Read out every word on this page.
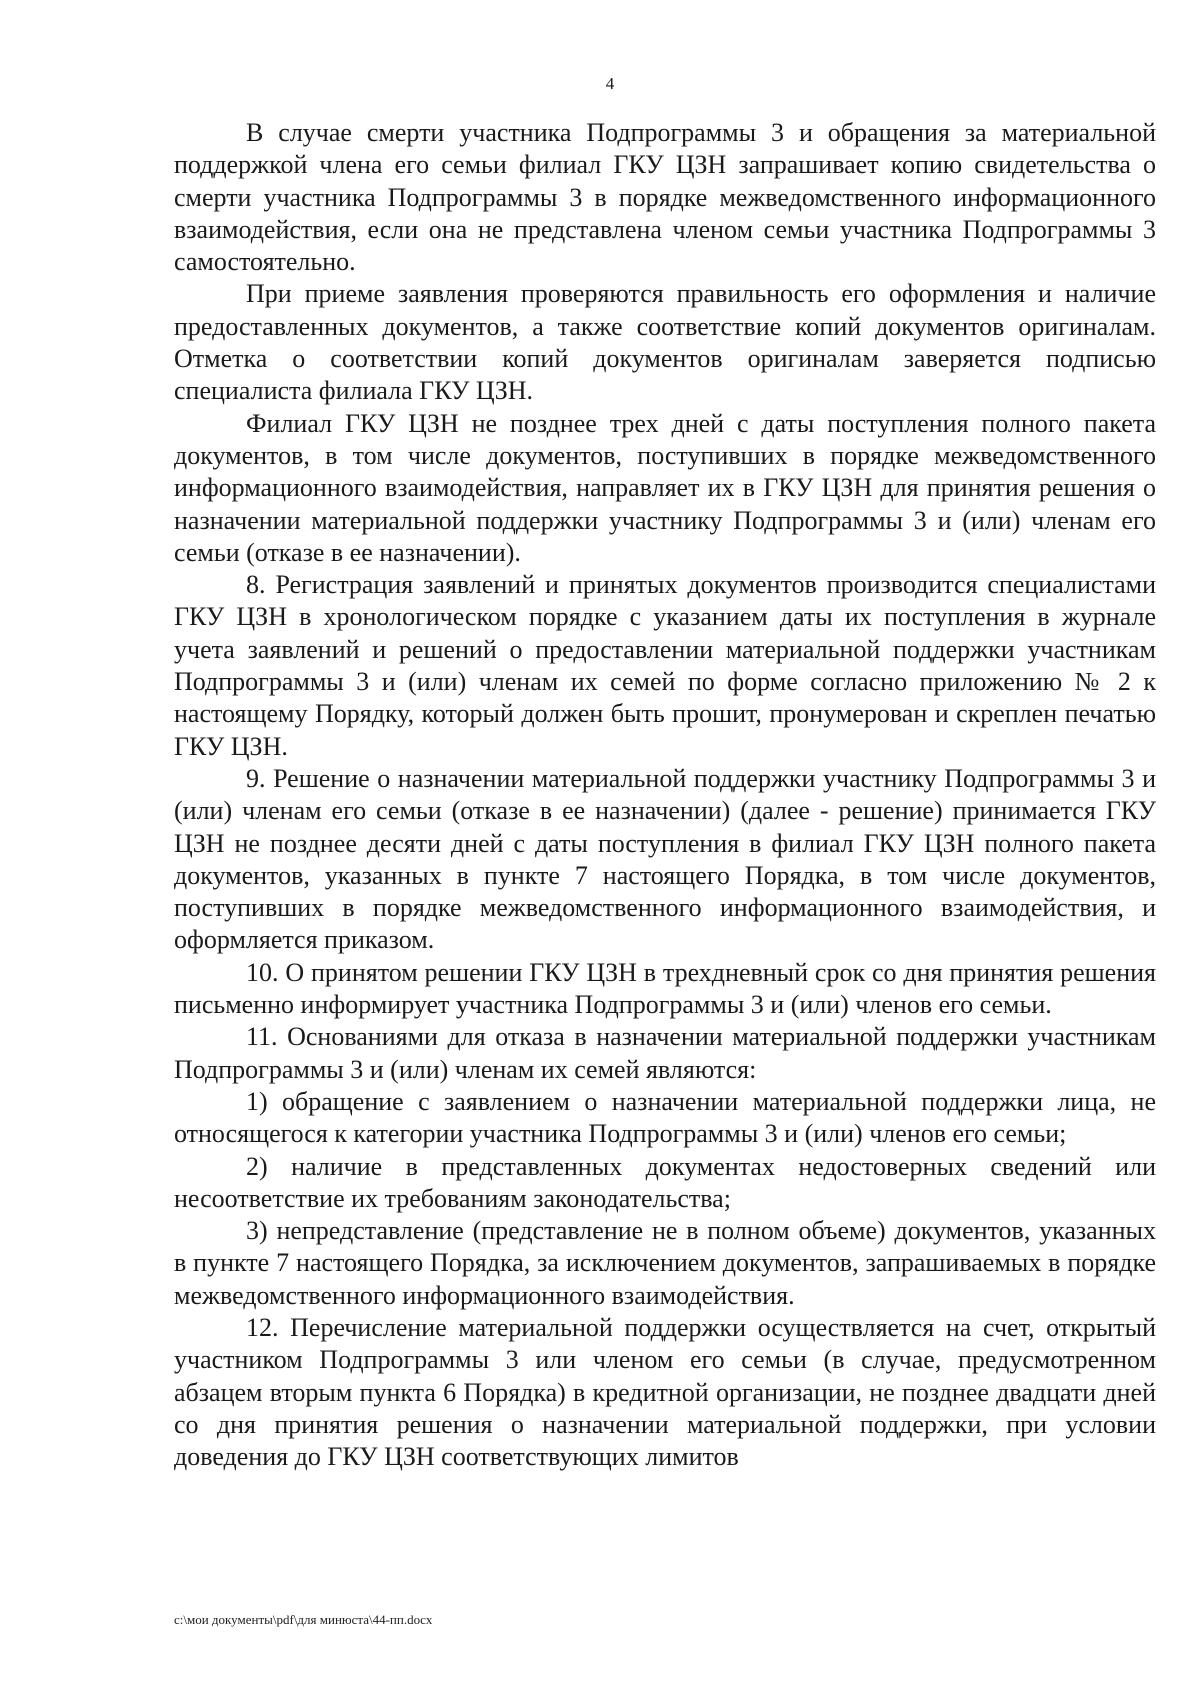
4

В случае смерти участника Подпрограммы 3 и обращения за материальной поддержкой члена его семьи филиал ГКУ ЦЗН запрашивает копию свидетельства о смерти участника Подпрограммы 3 в порядке межведомственного информационного взаимодействия, если она не представлена членом семьи участника Подпрограммы 3 самостоятельно.

При приеме заявления проверяются правильность его оформления и наличие предоставленных документов, а также соответствие копий документов оригиналам. Отметка о соответствии копий документов оригиналам заверяется подписью специалиста филиала ГКУ ЦЗН.

Филиал ГКУ ЦЗН не позднее трех дней с даты поступления полного пакета документов, в том числе документов, поступивших в порядке межведомственного информационного взаимодействия, направляет их в ГКУ ЦЗН для принятия решения о назначении материальной поддержки участнику Подпрограммы 3 и (или) членам его семьи (отказе в ее назначении).

8. Регистрация заявлений и принятых документов производится специалистами ГКУ ЦЗН в хронологическом порядке с указанием даты их поступления в журнале учета заявлений и решений о предоставлении материальной поддержки участникам Подпрограммы 3 и (или) членам их семей по форме согласно приложению № 2 к настоящему Порядку, который должен быть прошит, пронумерован и скреплен печатью ГКУ ЦЗН.

9. Решение о назначении материальной поддержки участнику Подпрограммы 3 и (или) членам его семьи (отказе в ее назначении) (далее - решение) принимается ГКУ ЦЗН не позднее десяти дней с даты поступления в филиал ГКУ ЦЗН полного пакета документов, указанных в пункте 7 настоящего Порядка, в том числе документов, поступивших в порядке межведомственного информационного взаимодействия, и оформляется приказом.

10. О принятом решении ГКУ ЦЗН в трехдневный срок со дня принятия решения письменно информирует участника Подпрограммы 3 и (или) членов его семьи.

11. Основаниями для отказа в назначении материальной поддержки участникам Подпрограммы 3 и (или) членам их семей являются:

1) обращение с заявлением о назначении материальной поддержки лица, не относящегося к категории участника Подпрограммы 3 и (или) членов его семьи;

2) наличие в представленных документах недостоверных сведений или несоответствие их требованиям законодательства;

3) непредставление (представление не в полном объеме) документов, указанных в пункте 7 настоящего Порядка, за исключением документов, запрашиваемых в порядке межведомственного информационного взаимодействия.

12. Перечисление материальной поддержки осуществляется на счет, открытый участником Подпрограммы 3 или членом его семьи (в случае, предусмотренном абзацем вторым пункта 6 Порядка) в кредитной организации, не позднее двадцати дней со дня принятия решения о назначении материальной поддержки, при условии доведения до ГКУ ЦЗН соответствующих лимитов

c:\мои документы\pdf\для минюста\44-пп.docx
